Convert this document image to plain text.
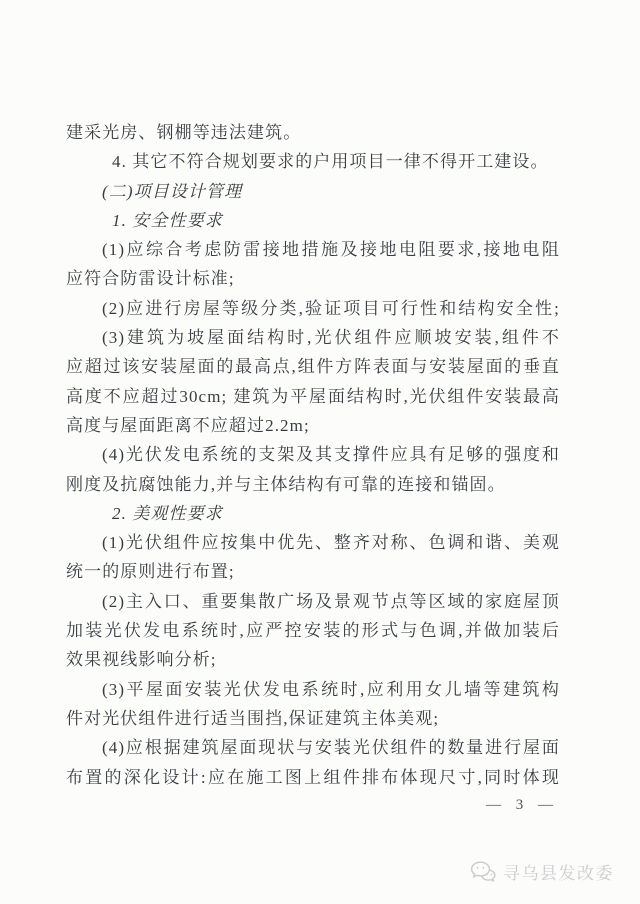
建采光房、钢棚等违法建筑。
4. 其它不符合规划要求的户用项目一律不得开工建设。
(二)项目设计管理
1. 安全性要求
(1)应综合考虑防雷接地措施及接地电阻要求,接地电阻
应符合防雷设计标准;
(2)应进行房屋等级分类,验证项目可行性和结构安全性;
(3)建筑为坡屋面结构时,光伏组件应顺坡安装,组件不
应超过该安装屋面的最高点,组件方阵表面与安装屋面的垂直
高度不应超过30cm; 建筑为平屋面结构时,光伏组件安装最高
高度与屋面距离不应超过2.2m;
(4)光伏发电系统的支架及其支撑件应具有足够的强度和
刚度及抗腐蚀能力,并与主体结构有可靠的连接和锚固。
2. 美观性要求
(1)光伏组件应按集中优先、整齐对称、色调和谐、美观
统一的原则进行布置;
(2)主入口、重要集散广场及景观节点等区域的家庭屋顶
加装光伏发电系统时,应严控安装的形式与色调,并做加装后
效果视线影响分析;
(3)平屋面安装光伏发电系统时,应利用女儿墙等建筑构
件对光伏组件进行适当围挡,保证建筑主体美观;
(4)应根据建筑屋面现状与安装光伏组件的数量进行屋面
布置的深化设计:应在施工图上组件排布体现尺寸,同时体现
— 3 —
寻乌县发改委
